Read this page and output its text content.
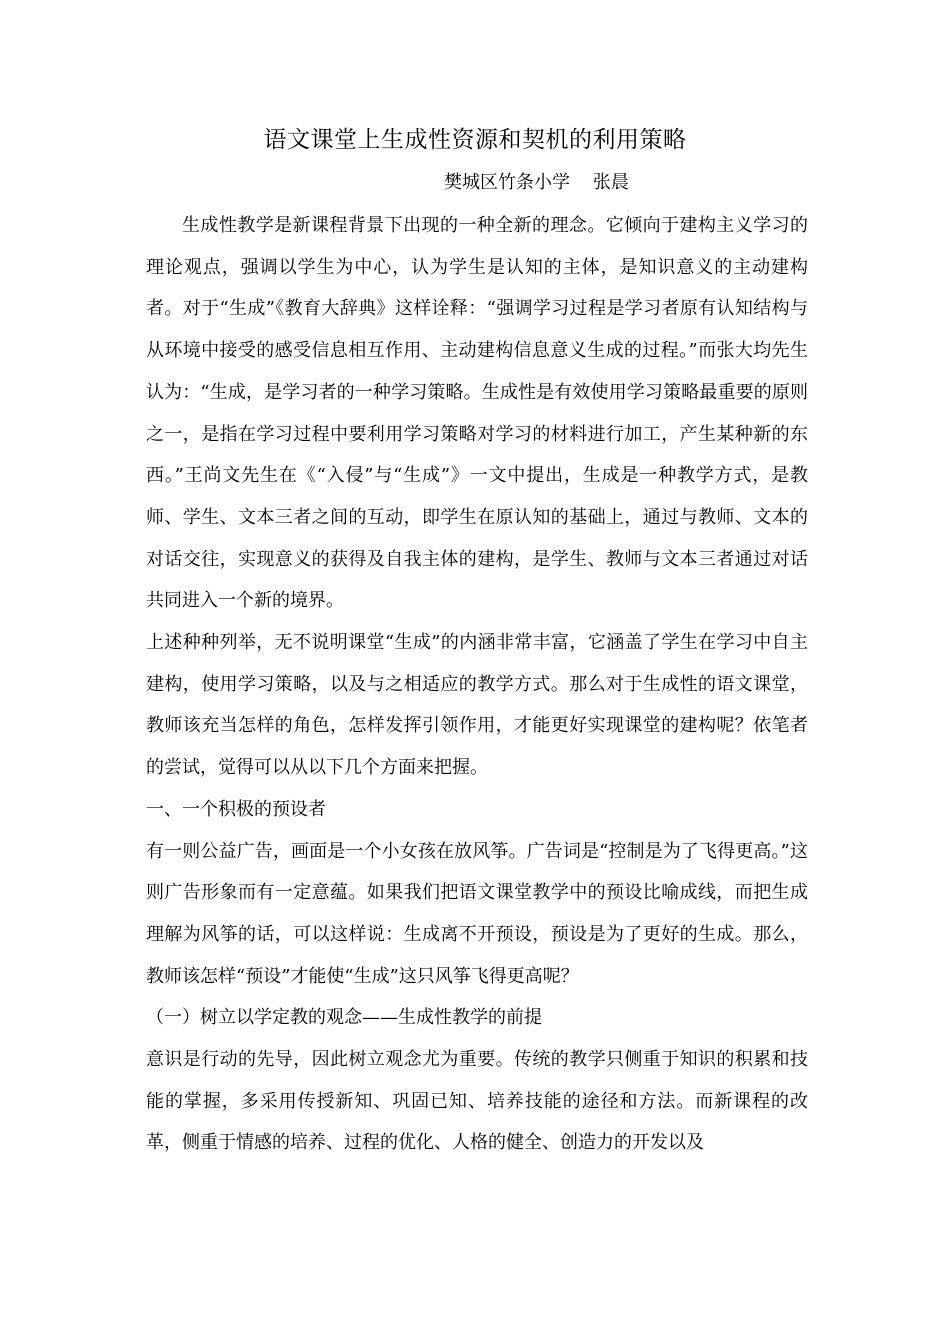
语文课堂上生成性资源和契机的利用策略
樊城区竹条小学    张晨

生成性教学是新课程背景下出现的一种全新的理念。它倾向于建构主义学习的理论观点，强调以学生为中心，认为学生是认知的主体，是知识意义的主动建构者。对于“生成”《教育大辞典》这样诠释：“强调学习过程是学习者原有认知结构与从环境中接受的感受信息相互作用、主动建构信息意义生成的过程。”而张大均先生认为：“生成，是学习者的一种学习策略。生成性是有效使用学习策略最重要的原则之一，是指在学习过程中要利用学习策略对学习的材料进行加工，产生某种新的东西。”王尚文先生在《“入侵”与“生成”》一文中提出，生成是一种教学方式，是教师、学生、文本三者之间的互动，即学生在原认知的基础上，通过与教师、文本的对话交往，实现意义的获得及自我主体的建构，是学生、教师与文本三者通过对话共同进入一个新的境界。

上述种种列举，无不说明课堂“生成”的内涵非常丰富，它涵盖了学生在学习中自主建构，使用学习策略，以及与之相适应的教学方式。那么对于生成性的语文课堂，教师该充当怎样的角色，怎样发挥引领作用，才能更好实现课堂的建构呢？依笔者的尝试，觉得可以从以下几个方面来把握。

一、一个积极的预设者

有一则公益广告，画面是一个小女孩在放风筝。广告词是“控制是为了飞得更高。”这则广告形象而有一定意蕴。如果我们把语文课堂教学中的预设比喻成线，而把生成理解为风筝的话，可以这样说：生成离不开预设，预设是为了更好的生成。那么，教师该怎样“预设”才能使“生成”这只风筝飞得更高呢？

（一）树立以学定教的观念——生成性教学的前提

意识是行动的先导，因此树立观念尤为重要。传统的教学只侧重于知识的积累和技能的掌握，多采用传授新知、巩固已知、培养技能的途径和方法。而新课程的改革，侧重于情感的培养、过程的优化、人格的健全、创造力的开发以及
